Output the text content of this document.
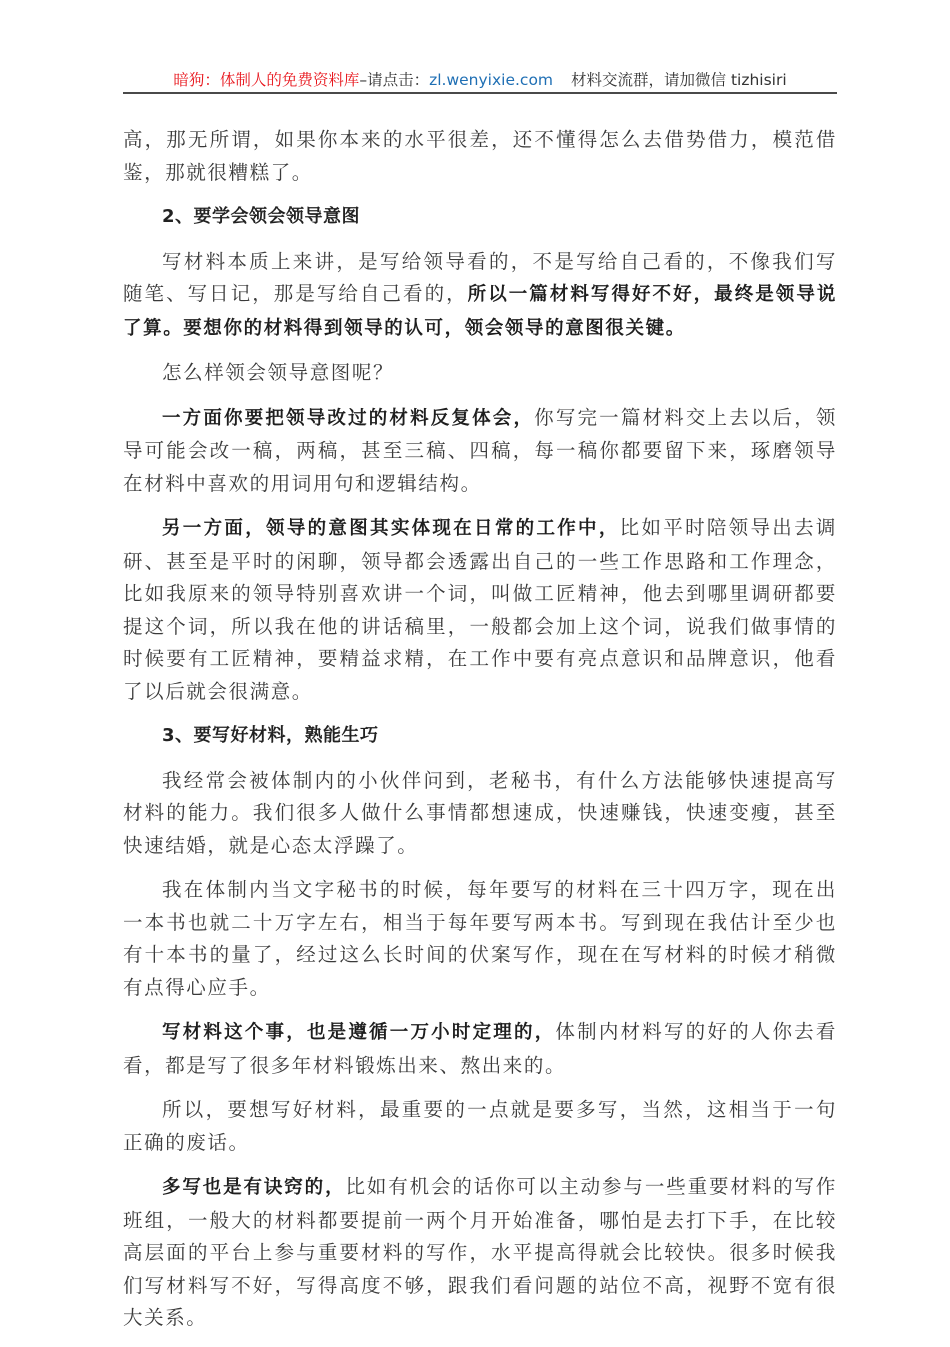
暗狗：体制人的免费资料库–请点击：zl.wenyixie.com 材料交流群，请加微信 tizhisiri

高，那无所谓，如果你本来的水平很差，还不懂得怎么去借势借力，模范借鉴，那就很糟糕了。

2、要学会领会领导意图

写材料本质上来讲，是写给领导看的，不是写给自己看的，不像我们写随笔、写日记，那是写给自己看的，所以一篇材料写得好不好，最终是领导说了算。要想你的材料得到领导的认可，领会领导的意图很关键。

怎么样领会领导意图呢？

一方面你要把领导改过的材料反复体会，你写完一篇材料交上去以后，领导可能会改一稿，两稿，甚至三稿、四稿，每一稿你都要留下来，琢磨领导在材料中喜欢的用词用句和逻辑结构。

另一方面，领导的意图其实体现在日常的工作中，比如平时陪领导出去调研、甚至是平时的闲聊，领导都会透露出自己的一些工作思路和工作理念，比如我原来的领导特别喜欢讲一个词，叫做工匠精神，他去到哪里调研都要提这个词，所以我在他的讲话稿里，一般都会加上这个词，说我们做事情的时候要有工匠精神，要精益求精，在工作中要有亮点意识和品牌意识，他看了以后就会很满意。

3、要写好材料，熟能生巧

我经常会被体制内的小伙伴问到，老秘书，有什么方法能够快速提高写材料的能力。我们很多人做什么事情都想速成，快速赚钱，快速变瘦，甚至快速结婚，就是心态太浮躁了。

我在体制内当文字秘书的时候，每年要写的材料在三十四万字，现在出一本书也就二十万字左右，相当于每年要写两本书。写到现在我估计至少也有十本书的量了，经过这么长时间的伏案写作，现在在写材料的时候才稍微有点得心应手。

写材料这个事，也是遵循一万小时定理的，体制内材料写的好的人你去看看，都是写了很多年材料锻炼出来、熬出来的。

所以，要想写好材料，最重要的一点就是要多写，当然，这相当于一句正确的废话。

多写也是有诀窍的，比如有机会的话你可以主动参与一些重要材料的写作班组，一般大的材料都要提前一两个月开始准备，哪怕是去打下手，在比较高层面的平台上参与重要材料的写作，水平提高得就会比较快。很多时候我们写材料写不好，写得高度不够，跟我们看问题的站位不高，视野不宽有很大关系。
